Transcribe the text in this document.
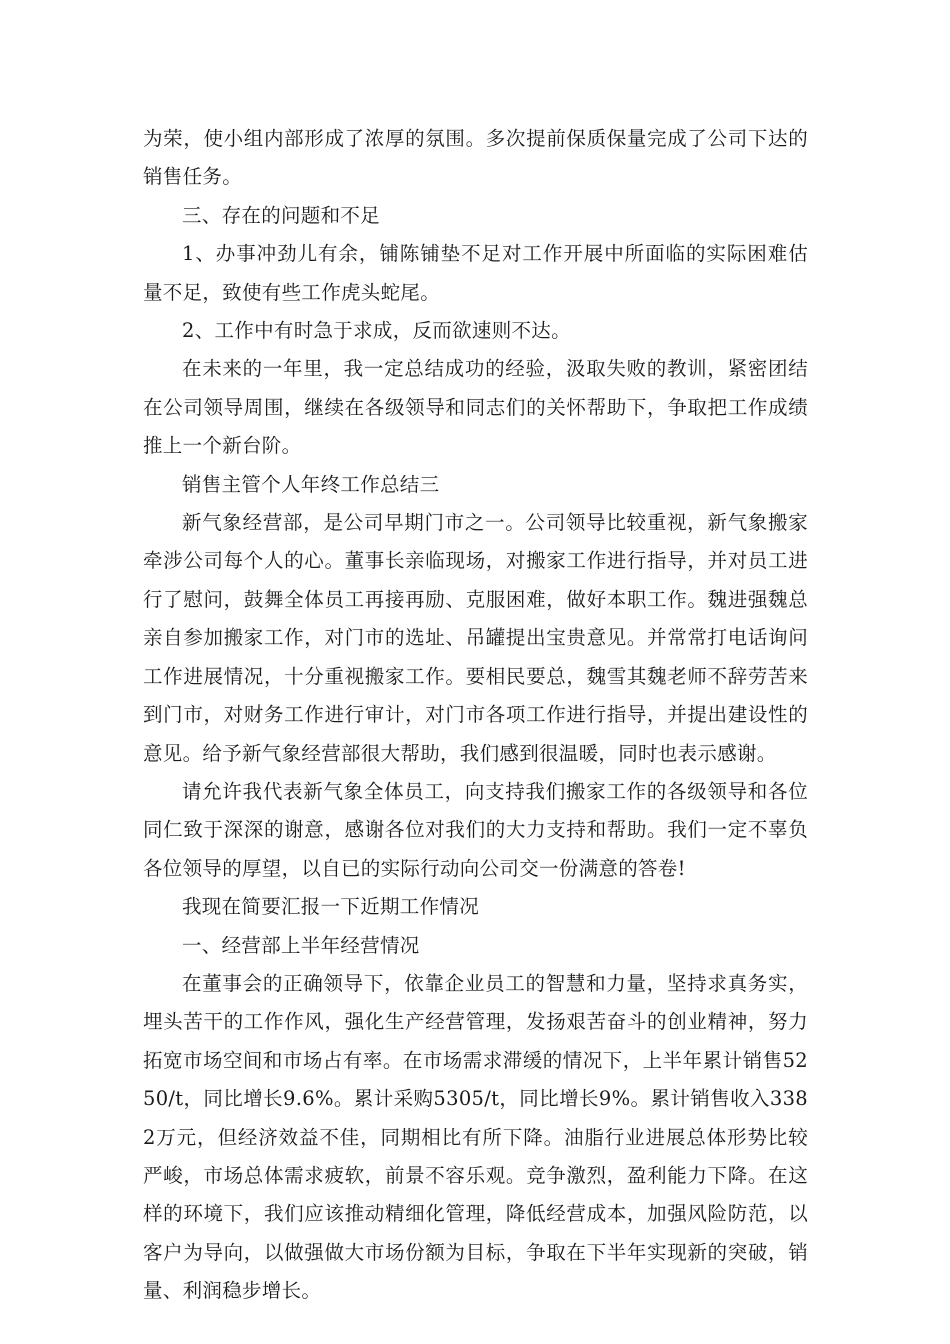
为荣，使小组内部形成了浓厚的氛围。多次提前保质保量完成了公司下达的销售任务。

三、存在的问题和不足

1、办事冲劲儿有余，铺陈铺垫不足对工作开展中所面临的实际困难估量不足，致使有些工作虎头蛇尾。

2、工作中有时急于求成，反而欲速则不达。

在未来的一年里，我一定总结成功的经验，汲取失败的教训，紧密团结在公司领导周围，继续在各级领导和同志们的关怀帮助下，争取把工作成绩推上一个新台阶。

销售主管个人年终工作总结三

新气象经营部，是公司早期门市之一。公司领导比较重视，新气象搬家牵涉公司每个人的心。董事长亲临现场，对搬家工作进行指导，并对员工进行了慰问，鼓舞全体员工再接再励、克服困难，做好本职工作。魏进强魏总亲自参加搬家工作，对门市的选址、吊罐提出宝贵意见。并常常打电话询问工作进展情况，十分重视搬家工作。要相民要总，魏雪其魏老师不辞劳苦来到门市，对财务工作进行审计，对门市各项工作进行指导，并提出建设性的意见。给予新气象经营部很大帮助，我们感到很温暖，同时也表示感谢。

请允许我代表新气象全体员工，向支持我们搬家工作的各级领导和各位同仁致于深深的谢意，感谢各位对我们的大力支持和帮助。我们一定不辜负各位领导的厚望，以自已的实际行动向公司交一份满意的答卷!

我现在简要汇报一下近期工作情况

一、经营部上半年经营情况

在董事会的正确领导下，依靠企业员工的智慧和力量，坚持求真务实，埋头苦干的工作作风，强化生产经营管理，发扬艰苦奋斗的创业精神，努力拓宽市场空间和市场占有率。在市场需求滞缓的情况下，上半年累计销售5250/t，同比增长9.6%。累计采购5305/t，同比增长9%。累计销售收入3382万元，但经济效益不佳，同期相比有所下降。油脂行业进展总体形势比较严峻，市场总体需求疲软，前景不容乐观。竞争激烈，盈利能力下降。在这样的环境下，我们应该推动精细化管理，降低经营成本，加强风险防范，以客户为导向，以做强做大市场份额为目标，争取在下半年实现新的突破，销量、利润稳步增长。
